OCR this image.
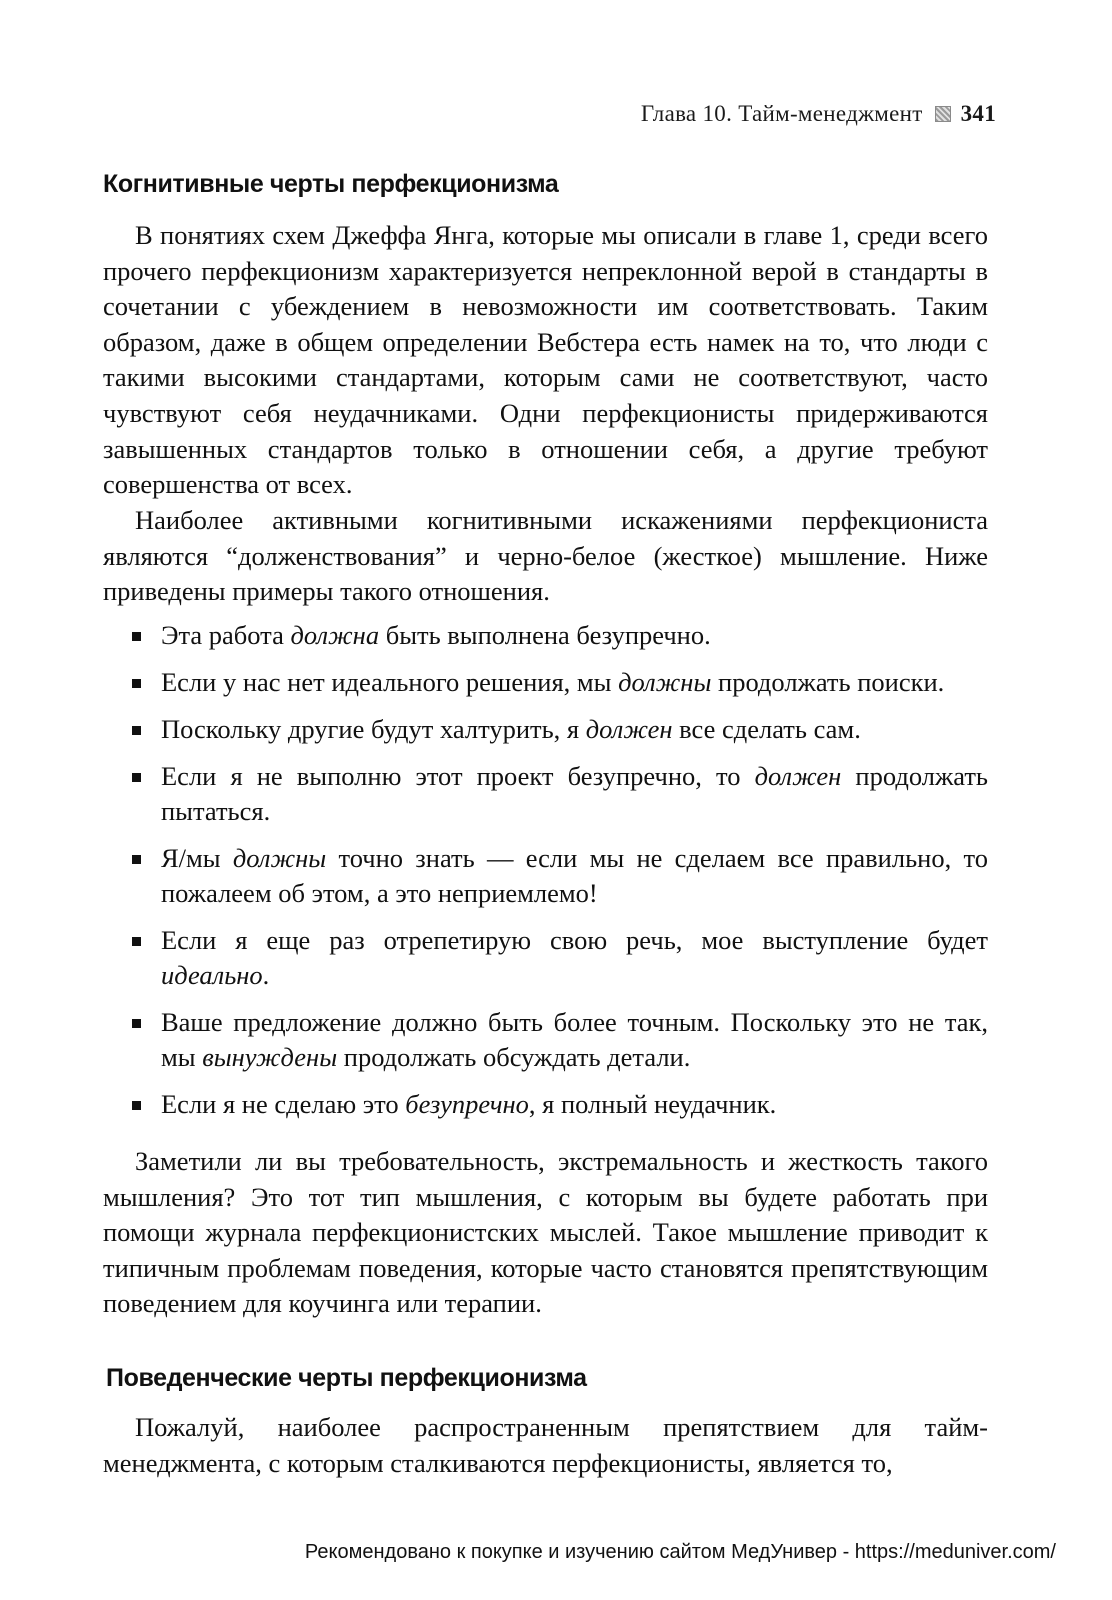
Глава 10. Тайм-менеджмент 341
Когнитивные черты перфекционизма

В понятиях схем Джеффа Янга, которые мы описали в главе 1, среди всего прочего перфекционизм характеризуется непреклонной верой в стандарты в сочетании с убеждением в невозможности им соответствовать. Таким образом, даже в общем определении Вебстера есть намек на то, что люди с такими высокими стандартами, которым сами не соответствуют, часто чувствуют себя неудачниками. Одни перфекционисты придерживаются завышенных стандартов только в отношении себя, а другие требуют совершенства от всех.

Наиболее активными когнитивными искажениями перфекциониста являются “долженствования” и черно-белое (жесткое) мышление. Ниже приведены примеры такого отношения.

Эта работа должна быть выполнена безупречно.
Если у нас нет идеального решения, мы должны продолжать поиски.
Поскольку другие будут халтурить, я должен все сделать сам.
Если я не выполню этот проект безупречно, то должен продолжать пытаться.
Я/мы должны точно знать — если мы не сделаем все правильно, то пожалеем об этом, а это неприемлемо!
Если я еще раз отрепетирую свою речь, мое выступление будет идеально.
Ваше предложение должно быть более точным. Поскольку это не так, мы вынуждены продолжать обсуждать детали.
Если я не сделаю это безупречно, я полный неудачник.

Заметили ли вы требовательность, экстремальность и жесткость такого мышления? Это тот тип мышления, с которым вы будете работать при помощи журнала перфекционистских мыслей. Такое мышление приводит к типичным проблемам поведения, которые часто становятся препятствующим поведением для коучинга или терапии.

Поведенческие черты перфекционизма

Пожалуй, наиболее распространенным препятствием для тайм-менеджмента, с которым сталкиваются перфекционисты, является то,

Рекомендовано к покупке и изучению сайтом МедУнивер - https://meduniver.com/
